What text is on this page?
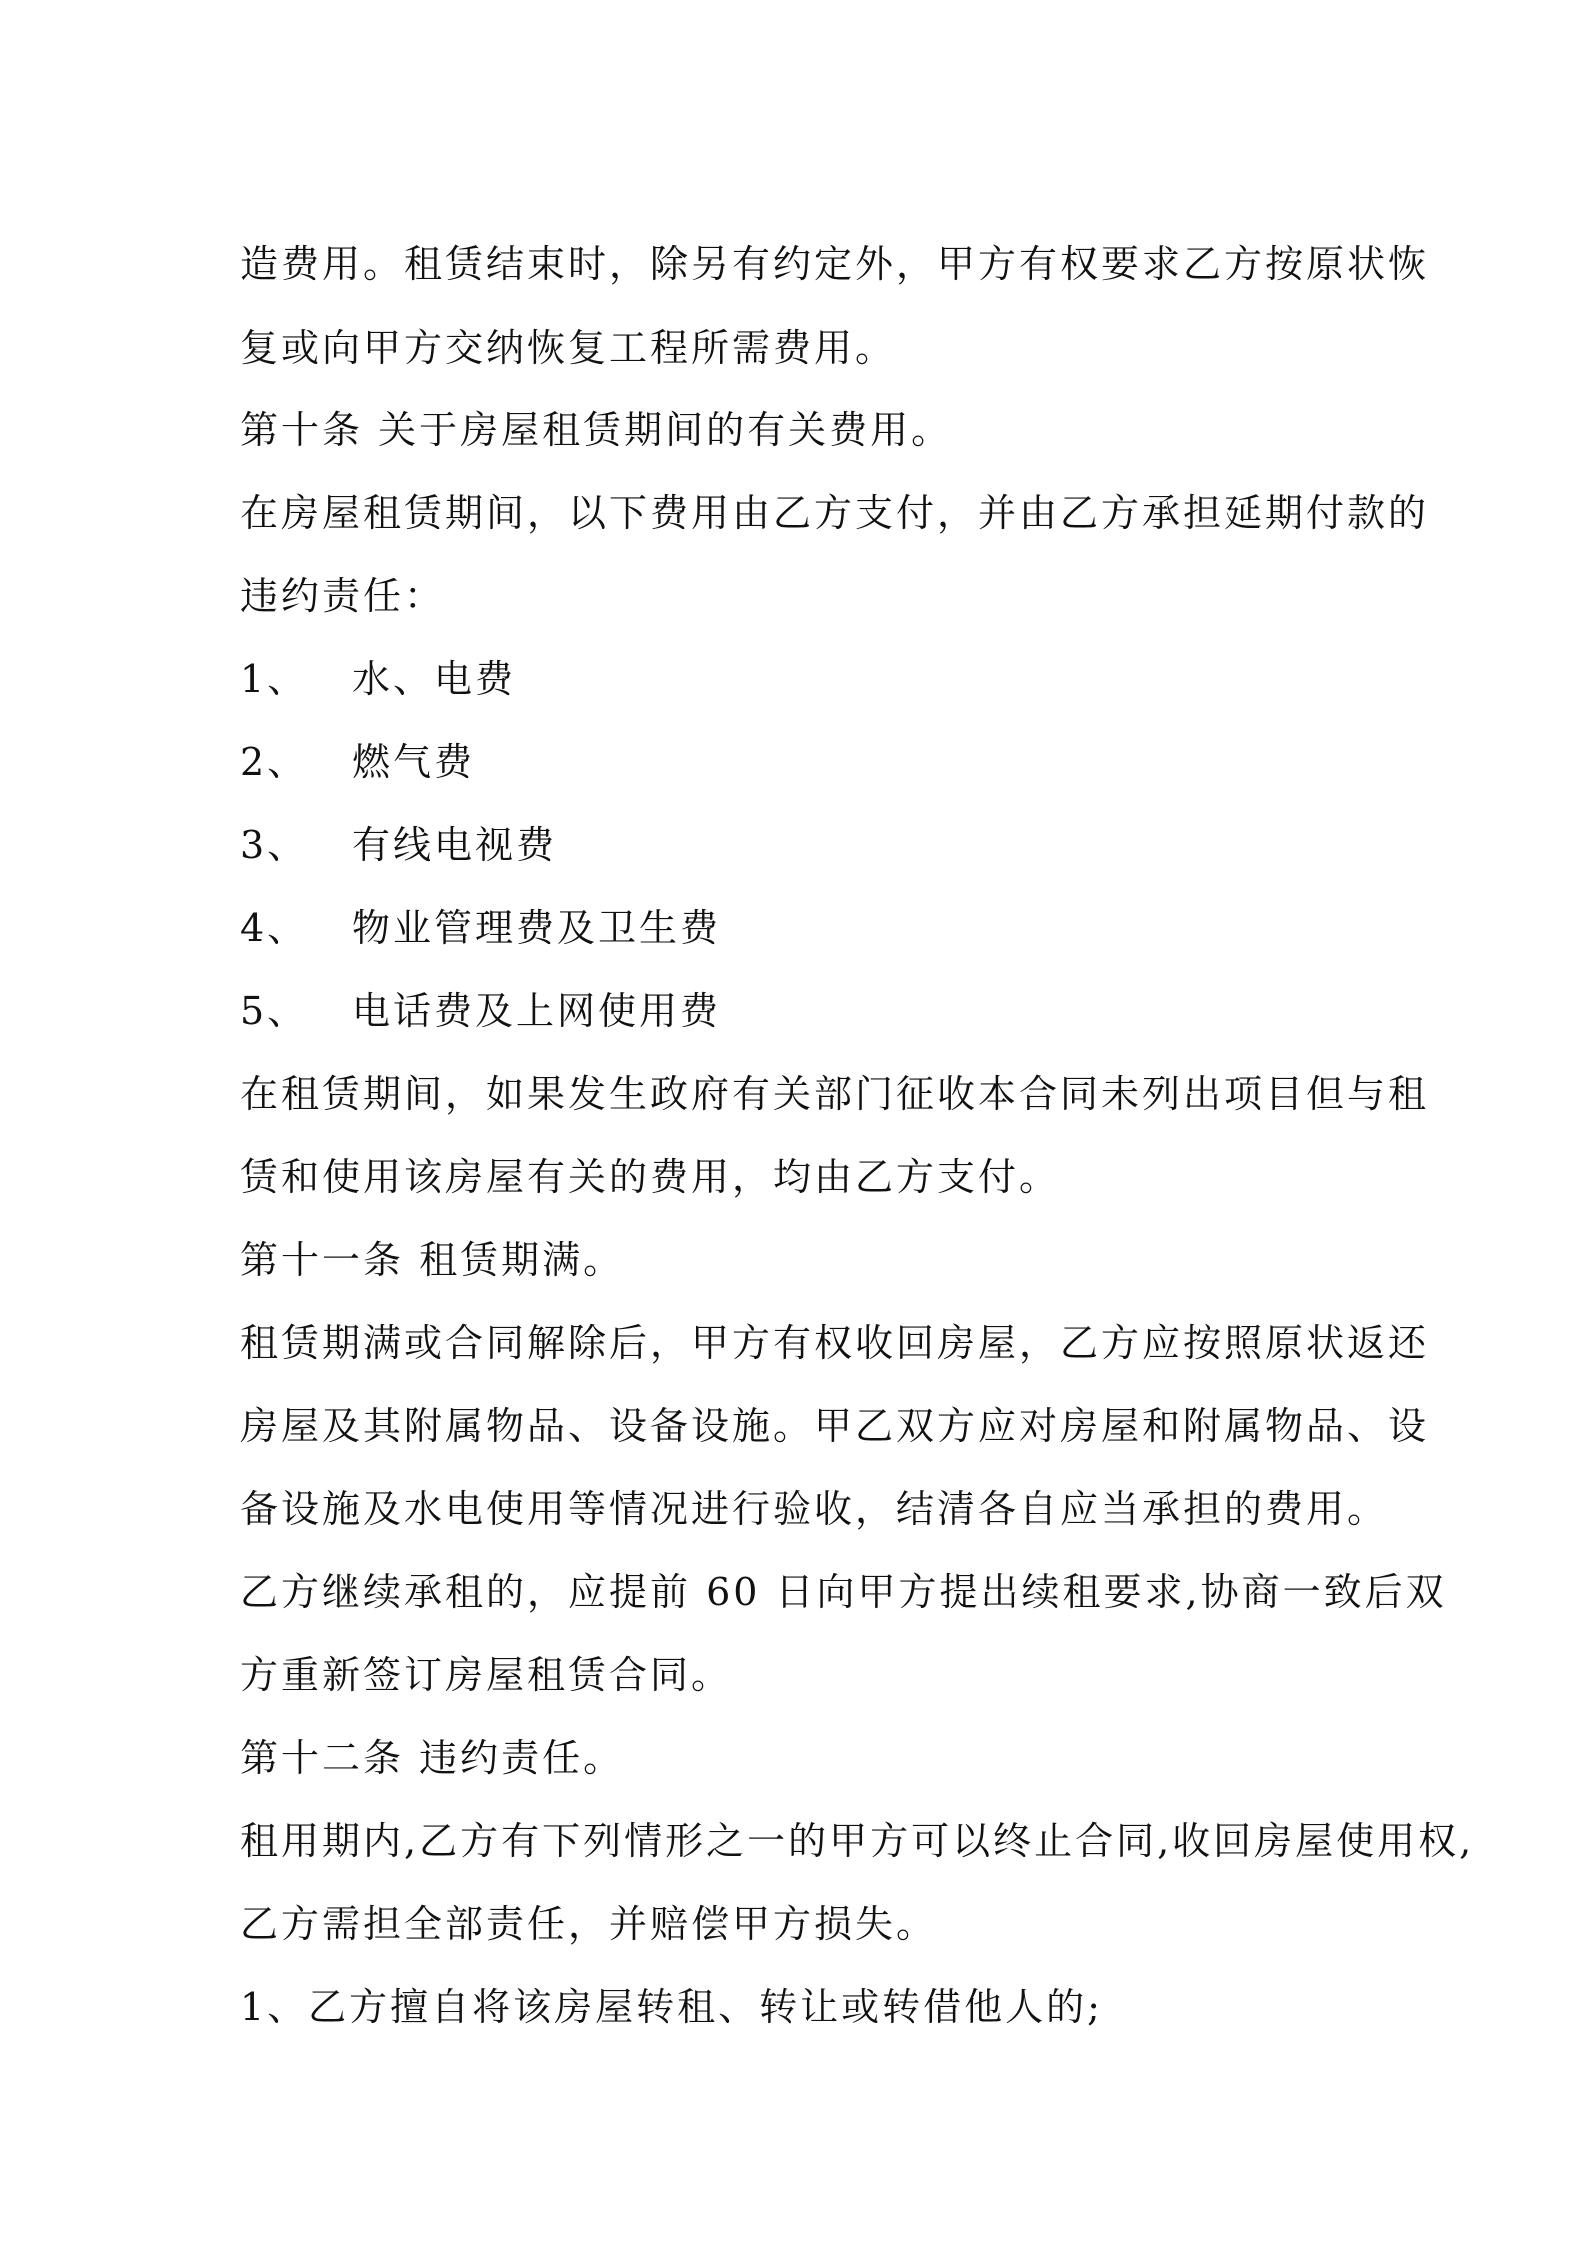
造费用。租赁结束时，除另有约定外，甲方有权要求乙方按原状恢
复或向甲方交纳恢复工程所需费用。
第十条 关于房屋租赁期间的有关费用。
在房屋租赁期间，以下费用由乙方支付，并由乙方承担延期付款的
违约责任：
1、 水、电费
2、 燃气费
3、 有线电视费
4、 物业管理费及卫生费
5、 电话费及上网使用费
在租赁期间，如果发生政府有关部门征收本合同未列出项目但与租
赁和使用该房屋有关的费用，均由乙方支付。
第十一条 租赁期满。
租赁期满或合同解除后，甲方有权收回房屋，乙方应按照原状返还
房屋及其附属物品、设备设施。甲乙双方应对房屋和附属物品、设
备设施及水电使用等情况进行验收，结清各自应当承担的费用。
乙方继续承租的，应提前 60 日向甲方提出续租要求,协商一致后双
方重新签订房屋租赁合同。
第十二条 违约责任。
租用期内,乙方有下列情形之一的甲方可以终止合同,收回房屋使用权,
乙方需担全部责任，并赔偿甲方损失。
1、乙方擅自将该房屋转租、转让或转借他人的;
